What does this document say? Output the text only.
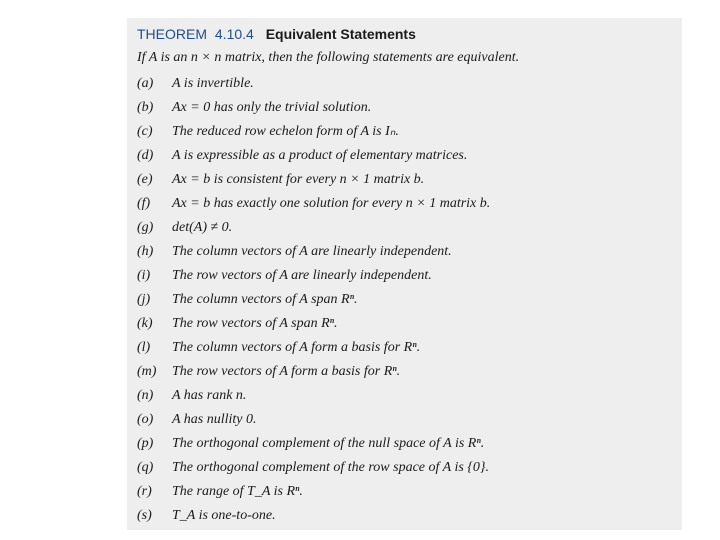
THEOREM 4.10.4 Equivalent Statements
If A is an n × n matrix, then the following statements are equivalent.
(a)	A is invertible.
(b)	Ax = 0 has only the trivial solution.
(c)	The reduced row echelon form of A is Iₙ.
(d)	A is expressible as a product of elementary matrices.
(e)	Ax = b is consistent for every n × 1 matrix b.
(f)	Ax = b has exactly one solution for every n × 1 matrix b.
(g)	det(A) ≠ 0.
(h)	The column vectors of A are linearly independent.
(i)	The row vectors of A are linearly independent.
(j)	The column vectors of A span Rⁿ.
(k)	The row vectors of A span Rⁿ.
(l)	The column vectors of A form a basis for Rⁿ.
(m)	The row vectors of A form a basis for Rⁿ.
(n)	A has rank n.
(o)	A has nullity 0.
(p)	The orthogonal complement of the null space of A is Rⁿ.
(q)	The orthogonal complement of the row space of A is {0}.
(r)	The range of T_A is Rⁿ.
(s)	T_A is one-to-one.
